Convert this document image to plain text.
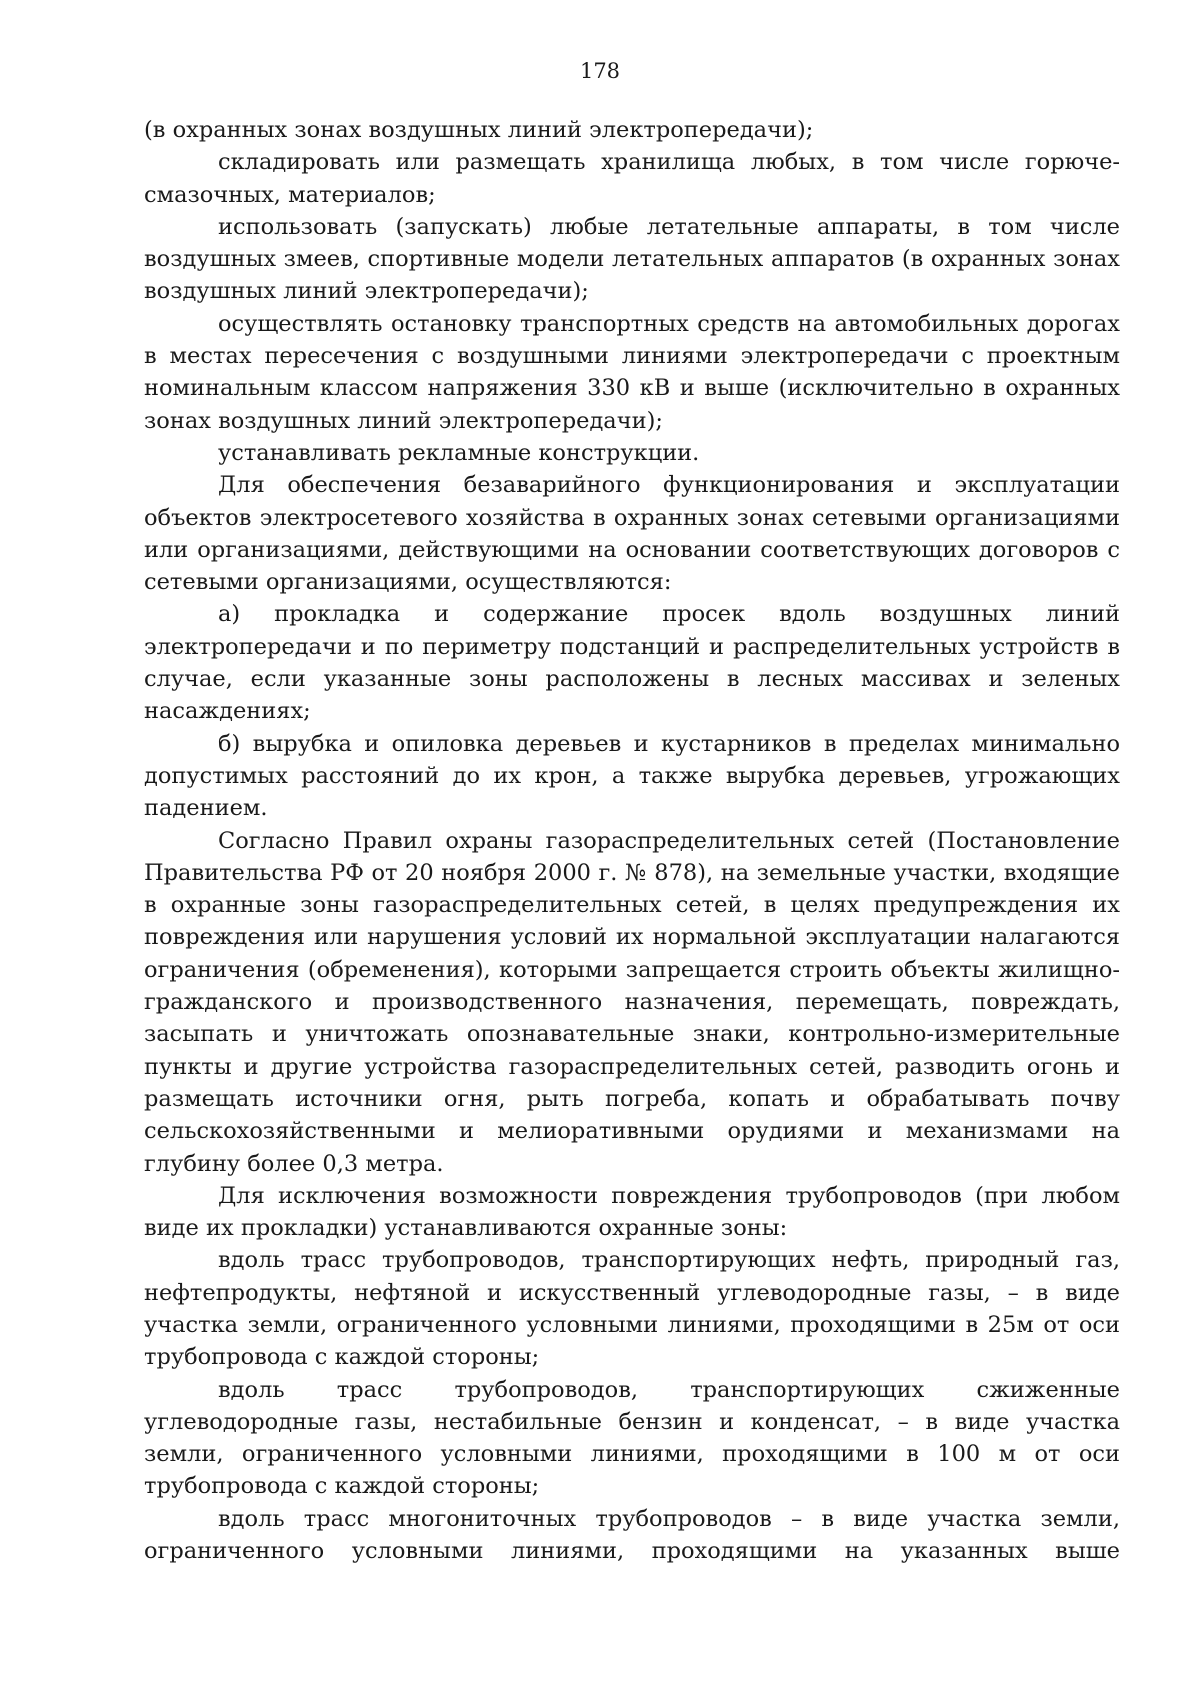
178

(в охранных зонах воздушных линий электропередачи);

складировать или размещать хранилища любых, в том числе горюче-смазочных, материалов;

использовать (запускать) любые летательные аппараты, в том числе воздушных змеев, спортивные модели летательных аппаратов (в охранных зонах воздушных линий электропередачи);

осуществлять остановку транспортных средств на автомобильных дорогах в местах пересечения с воздушными линиями электропередачи с проектным номинальным классом напряжения 330 кВ и выше (исключительно в охранных зонах воздушных линий электропередачи);

устанавливать рекламные конструкции.

Для обеспечения безаварийного функционирования и эксплуатации объектов электросетевого хозяйства в охранных зонах сетевыми организациями или организациями, действующими на основании соответствующих договоров с сетевыми организациями, осуществляются:

а) прокладка и содержание просек вдоль воздушных линий электропередачи и по периметру подстанций и распределительных устройств в случае, если указанные зоны расположены в лесных массивах и зеленых насаждениях;

б) вырубка и опиловка деревьев и кустарников в пределах минимально допустимых расстояний до их крон, а также вырубка деревьев, угрожающих падением.

Согласно Правил охраны газораспределительных сетей (Постановление Правительства РФ от 20 ноября 2000 г. № 878), на земельные участки, входящие в охранные зоны газораспределительных сетей, в целях предупреждения их повреждения или нарушения условий их нормальной эксплуатации налагаются ограничения (обременения), которыми запрещается строить объекты жилищно-гражданского и производственного назначения, перемещать, повреждать, засыпать и уничтожать опознавательные знаки, контрольно-измерительные пункты и другие устройства газораспределительных сетей, разводить огонь и размещать источники огня, рыть погреба, копать и обрабатывать почву сельскохозяйственными и мелиоративными орудиями и механизмами на глубину более 0,3 метра.

Для исключения возможности повреждения трубопроводов (при любом виде их прокладки) устанавливаются охранные зоны:

вдоль трасс трубопроводов, транспортирующих нефть, природный газ, нефтепродукты, нефтяной и искусственный углеводородные газы, – в виде участка земли, ограниченного условными линиями, проходящими в 25м от оси трубопровода с каждой стороны;

вдоль трасс трубопроводов, транспортирующих сжиженные углеводородные газы, нестабильные бензин и конденсат, – в виде участка земли, ограниченного условными линиями, проходящими в 100 м от оси трубопровода с каждой стороны;

вдоль трасс многониточных трубопроводов – в виде участка земли, ограниченного условными линиями, проходящими на указанных выше
